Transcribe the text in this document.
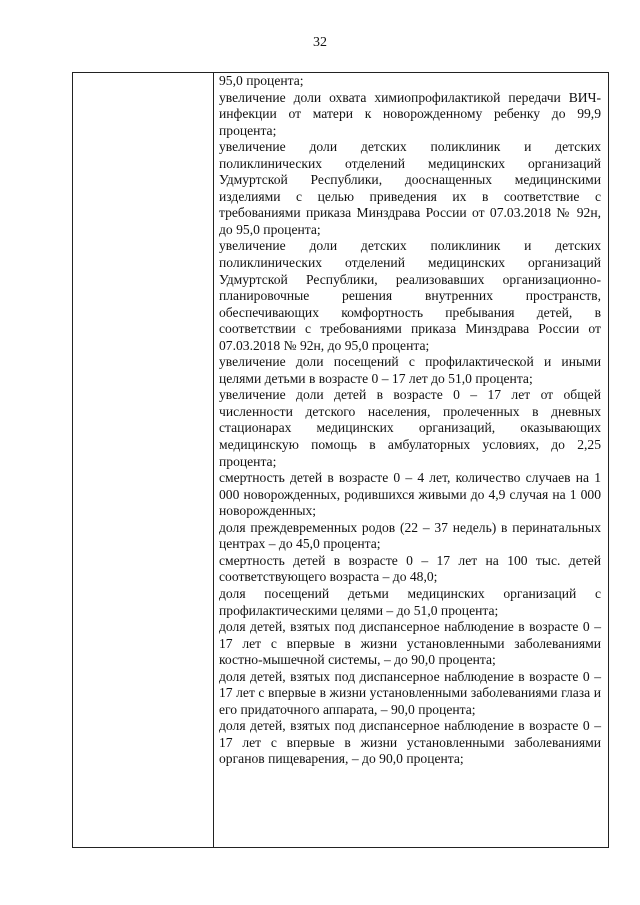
32

95,0 процента;

увеличение доли охвата химиопрофилактикой передачи ВИЧ-инфекции от матери к новорожденному ребенку до 99,9 процента;

увеличение доли детских поликлиник и детских поликлинических отделений медицинских организаций Удмуртской Республики, дооснащенных медицинскими изделиями с целью приведения их в соответствие с требованиями приказа Минздрава России от 07.03.2018 № 92н, до 95,0 процента;

увеличение доли детских поликлиник и детских поликлинических отделений медицинских организаций Удмуртской Республики, реализовавших организационно-планировочные решения внутренних пространств, обеспечивающих комфортность пребывания детей, в соответствии с требованиями приказа Минздрава России от 07.03.2018 № 92н, до 95,0 процента;

увеличение доли посещений с профилактической и иными целями детьми в возрасте 0 – 17 лет до 51,0 процента;

увеличение доли детей в возрасте 0 – 17 лет от общей численности детского населения, пролеченных в дневных стационарах медицинских организаций, оказывающих медицинскую помощь в амбулаторных условиях, до 2,25 процента;

смертность детей в возрасте 0 – 4 лет, количество случаев на 1 000 новорожденных, родившихся живыми до 4,9 случая на 1 000 новорожденных;

доля преждевременных родов (22 – 37 недель) в перинатальных центрах – до 45,0 процента;

смертность детей в возрасте 0 – 17 лет на 100 тыс. детей соответствующего возраста – до 48,0;

доля посещений детьми медицинских организаций с профилактическими целями – до 51,0 процента;

доля детей, взятых под диспансерное наблюдение в возрасте 0 – 17 лет с впервые в жизни установленными заболеваниями костно-мышечной системы, – до 90,0 процента;

доля детей, взятых под диспансерное наблюдение в возрасте 0 – 17 лет с впервые в жизни установленными заболеваниями глаза и его придаточного аппарата, – 90,0 процента;

доля детей, взятых под диспансерное наблюдение в возрасте 0 – 17 лет с впервые в жизни установленными заболеваниями органов пищеварения, – до 90,0 процента;
